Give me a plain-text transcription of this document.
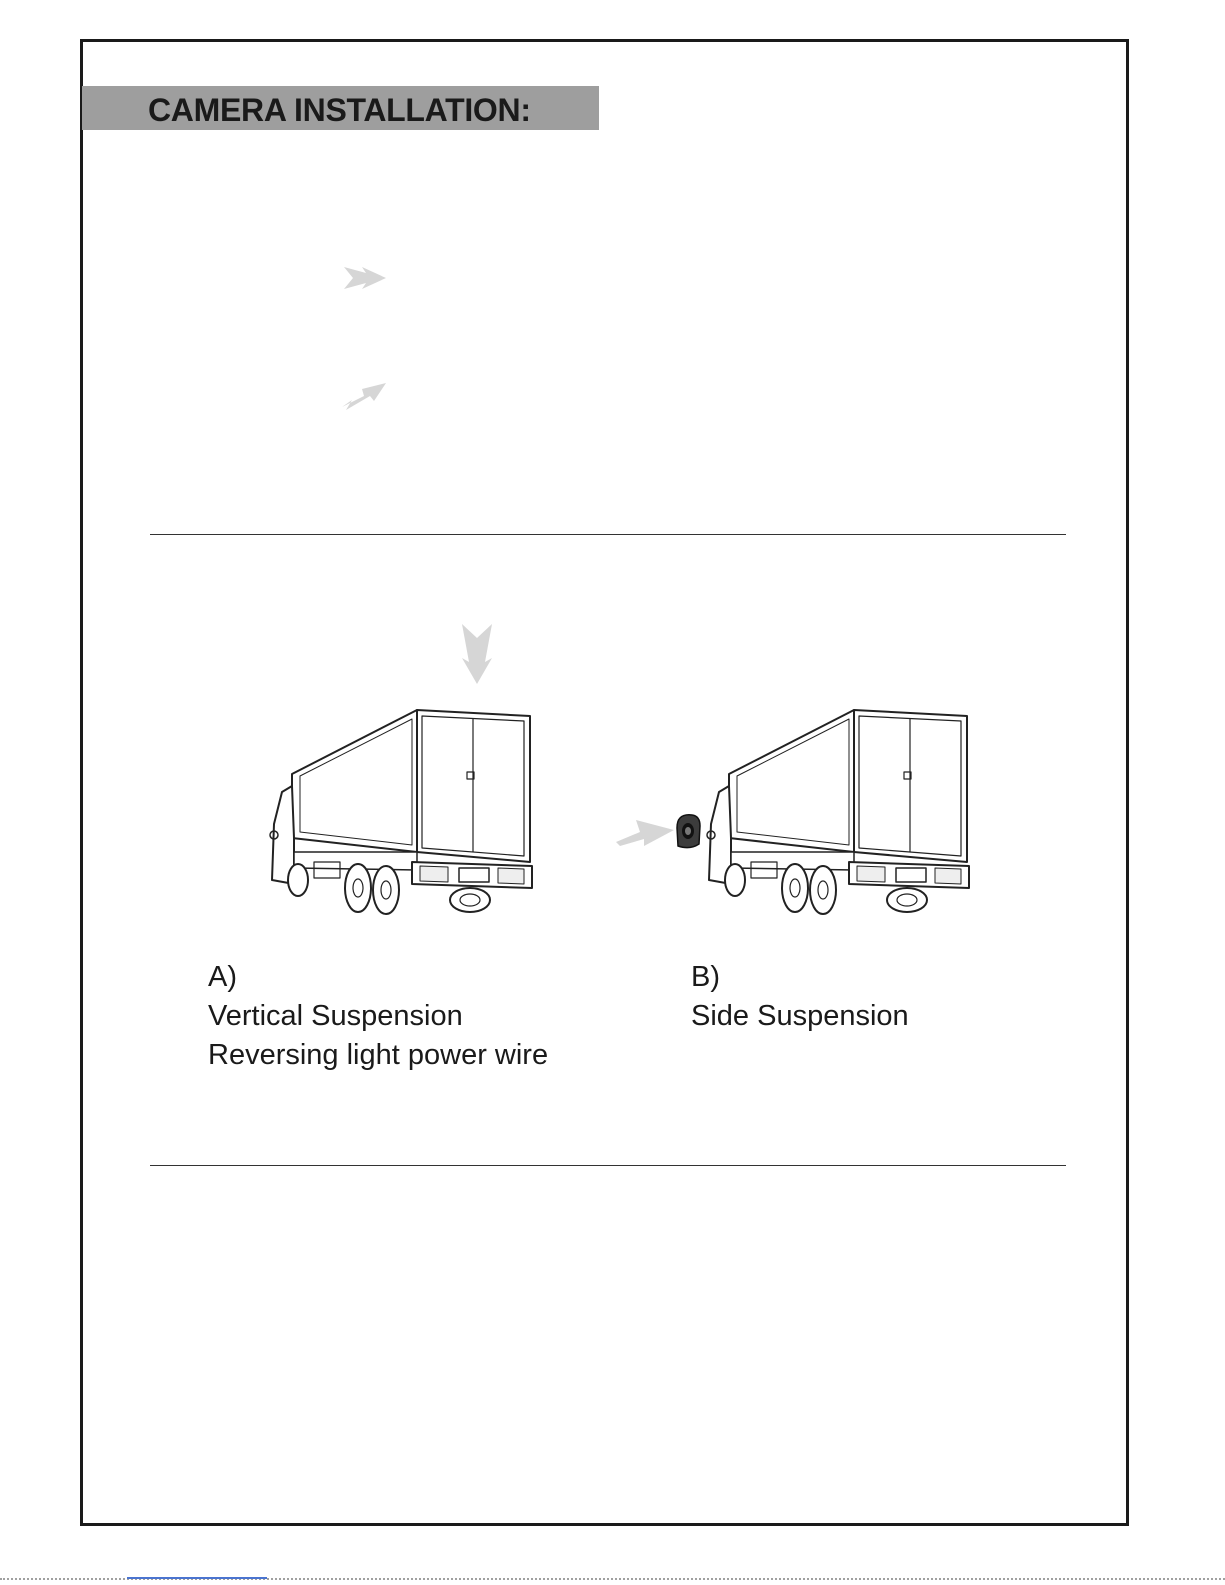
CAMERA INSTALLATION:
A)
Vertical Suspension
Reversing light power wire
B)
Side Suspension
